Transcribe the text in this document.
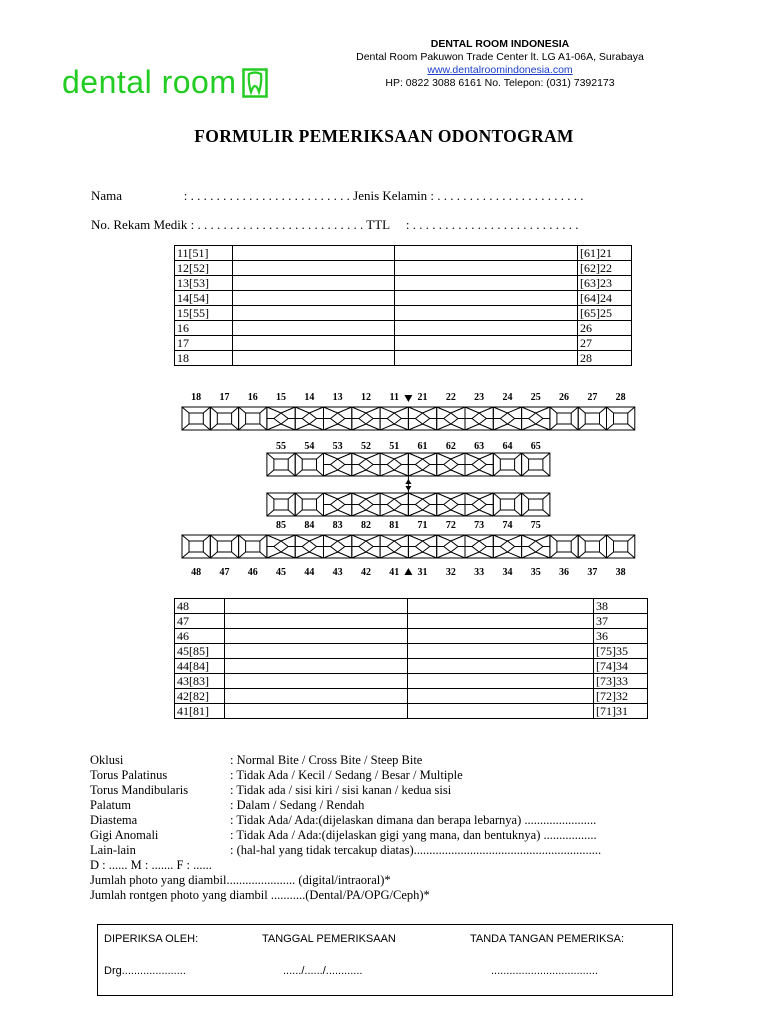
dental room
DENTAL ROOM INDONESIA
Dental Room Pakuwon Trade Center lt. LG A1-06A, Surabaya
www.dentalroomindonesia.com
HP: 0822 3088 6161 No. Telepon: (031) 7392173
FORMULIR PEMERIKSAAN ODONTOGRAM
Nama                   : . . . . . . . . . . . . . . . . . . . . . . . . . Jenis Kelamin : . . . . . . . . . . . . . . . . . . . . . . .
No. Rekam Medik : . . . . . . . . . . . . . . . . . . . . . . . . . . TTL     : . . . . . . . . . . . . . . . . . . . . . . . . . .
11[51]			[61]21
12[52]			[62]22
13[53]			[63]23
14[54]			[64]24
15[55]			[65]25
16			26
17			27
18			28
18 17 16 15 14 13 12 11 21 22 23 24 25 26 27 28
55 54 53 52 51 61 62 63 64 65
85 84 83 82 81 71 72 73 74 75
48 47 46 45 44 43 42 41 31 32 33 34 35 36 37 38
48			38
47			37
46			36
45[85]			[75]35
44[84]			[74]34
43[83]			[73]33
42[82]			[72]32
41[81]			[71]31
Oklusi	: Normal Bite / Cross Bite / Steep Bite
Torus Palatinus	: Tidak Ada / Kecil / Sedang / Besar / Multiple
Torus Mandibularis	: Tidak ada / sisi kiri / sisi kanan / kedua sisi
Palatum	: Dalam / Sedang / Rendah
Diastema	: Tidak Ada/ Ada:(dijelaskan dimana dan berapa lebarnya) .......................
Gigi Anomali	: Tidak Ada / Ada:(dijelaskan gigi yang mana, dan bentuknya) .................
Lain-lain	: (hal-hal yang tidak tercakup diatas)............................................................
D : ...... M : ....... F : ......
Jumlah photo yang diambil...................... (digital/intraoral)*
Jumlah rontgen photo yang diambil ...........(Dental/PA/OPG/Ceph)*
DIPERIKSA OLEH:	TANGGAL PEMERIKSAAN	TANDA TANGAN PEMERIKSA:
Drg.....................	....../....../............	...................................
